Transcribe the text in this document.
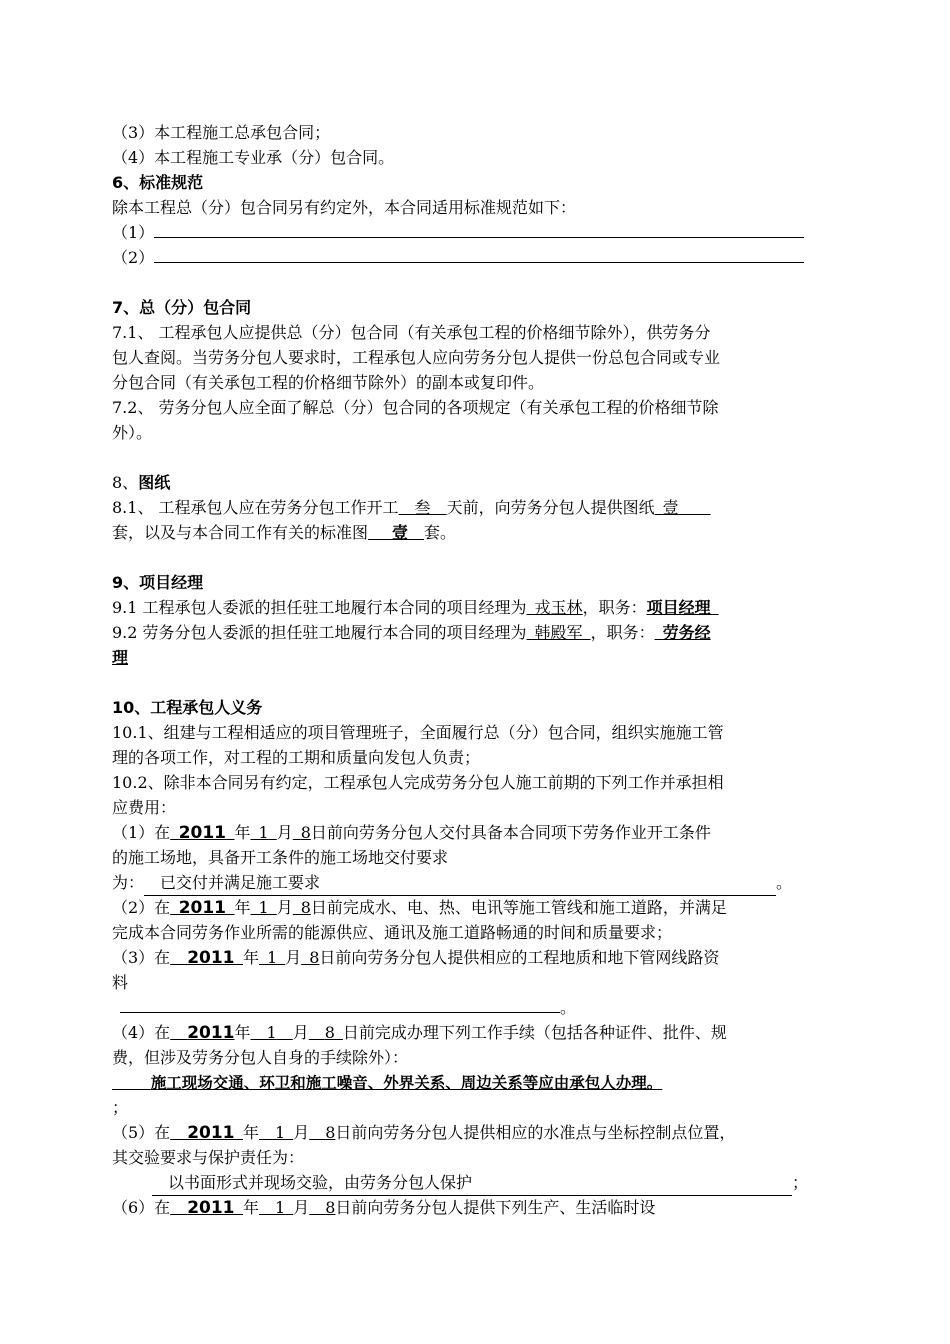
（3）本工程施工总承包合同；
（4）本工程施工专业承（分）包合同。
6、标准规范
除本工程总（分）包合同另有约定外，本合同适用标准规范如下：
（1）
（2）
7、总（分）包合同
7.1、 工程承包人应提供总（分）包合同（有关承包工程的价格细节除外），供劳务分
包人查阅。当劳务分包人要求时，工程承包人应向劳务分包人提供一份总包合同或专业
分包合同（有关承包工程的价格细节除外）的副本或复印件。
7.2、 劳务分包人应全面了解总（分）包合同的各项规定（有关承包工程的价格细节除
外）。
8、图纸
8.1、 工程承包人应在劳务分包工作开工   叁   天前，向劳务分包人提供图纸  壹    
套，以及与本合同工作有关的标准图    壹   套。
9、项目经理
9.1 工程承包人委派的担任驻工地履行本合同的项目经理为  戎玉林，职务：项目经理 
9.2 劳务分包人委派的担任驻工地履行本合同的项目经理为  韩殿军  ，职务：  劳务经
理
10、工程承包人义务
10.1、组建与工程相适应的项目管理班子，全面履行总（分）包合同，组织实施施工管
理的各项工作，对工程的工期和质量向发包人负责；
10.2、除非本合同另有约定，工程承包人完成劳务分包人施工前期的下列工作并承担相
应费用：
（1）在  2011  年  1  月  8日前向劳务分包人交付具备本合同项下劳务作业开工条件
的施工场地，具备开工条件的施工场地交付要求
为：   已交付并满足施工要求	。
（2）在  2011  年  1  月  8日前完成水、电、热、电讯等施工管线和施工道路，并满足
完成本合同劳务作业所需的能源供应、通讯及施工道路畅通的时间和质量要求；
（3）在   2011  年  1  月  8日前向劳务分包人提供相应的工程地质和地下管网线路资
料
。
（4）在   2011年   1   月   8  日前完成办理下列工作手续（包括各种证件、批件、规
费，但涉及劳务分包人自身的手续除外）：
     施工现场交通、环卫和施工噪音、外界关系、周边关系等应由承包人办理。
；
（5）在   2011  年   1  月   8日前向劳务分包人提供相应的水准点与坐标控制点位置，
其交验要求与保护责任为：
  以书面形式并现场交验，由劳务分包人保护	；
（6）在   2011  年   1  月   8日前向劳务分包人提供下列生产、生活临时设
